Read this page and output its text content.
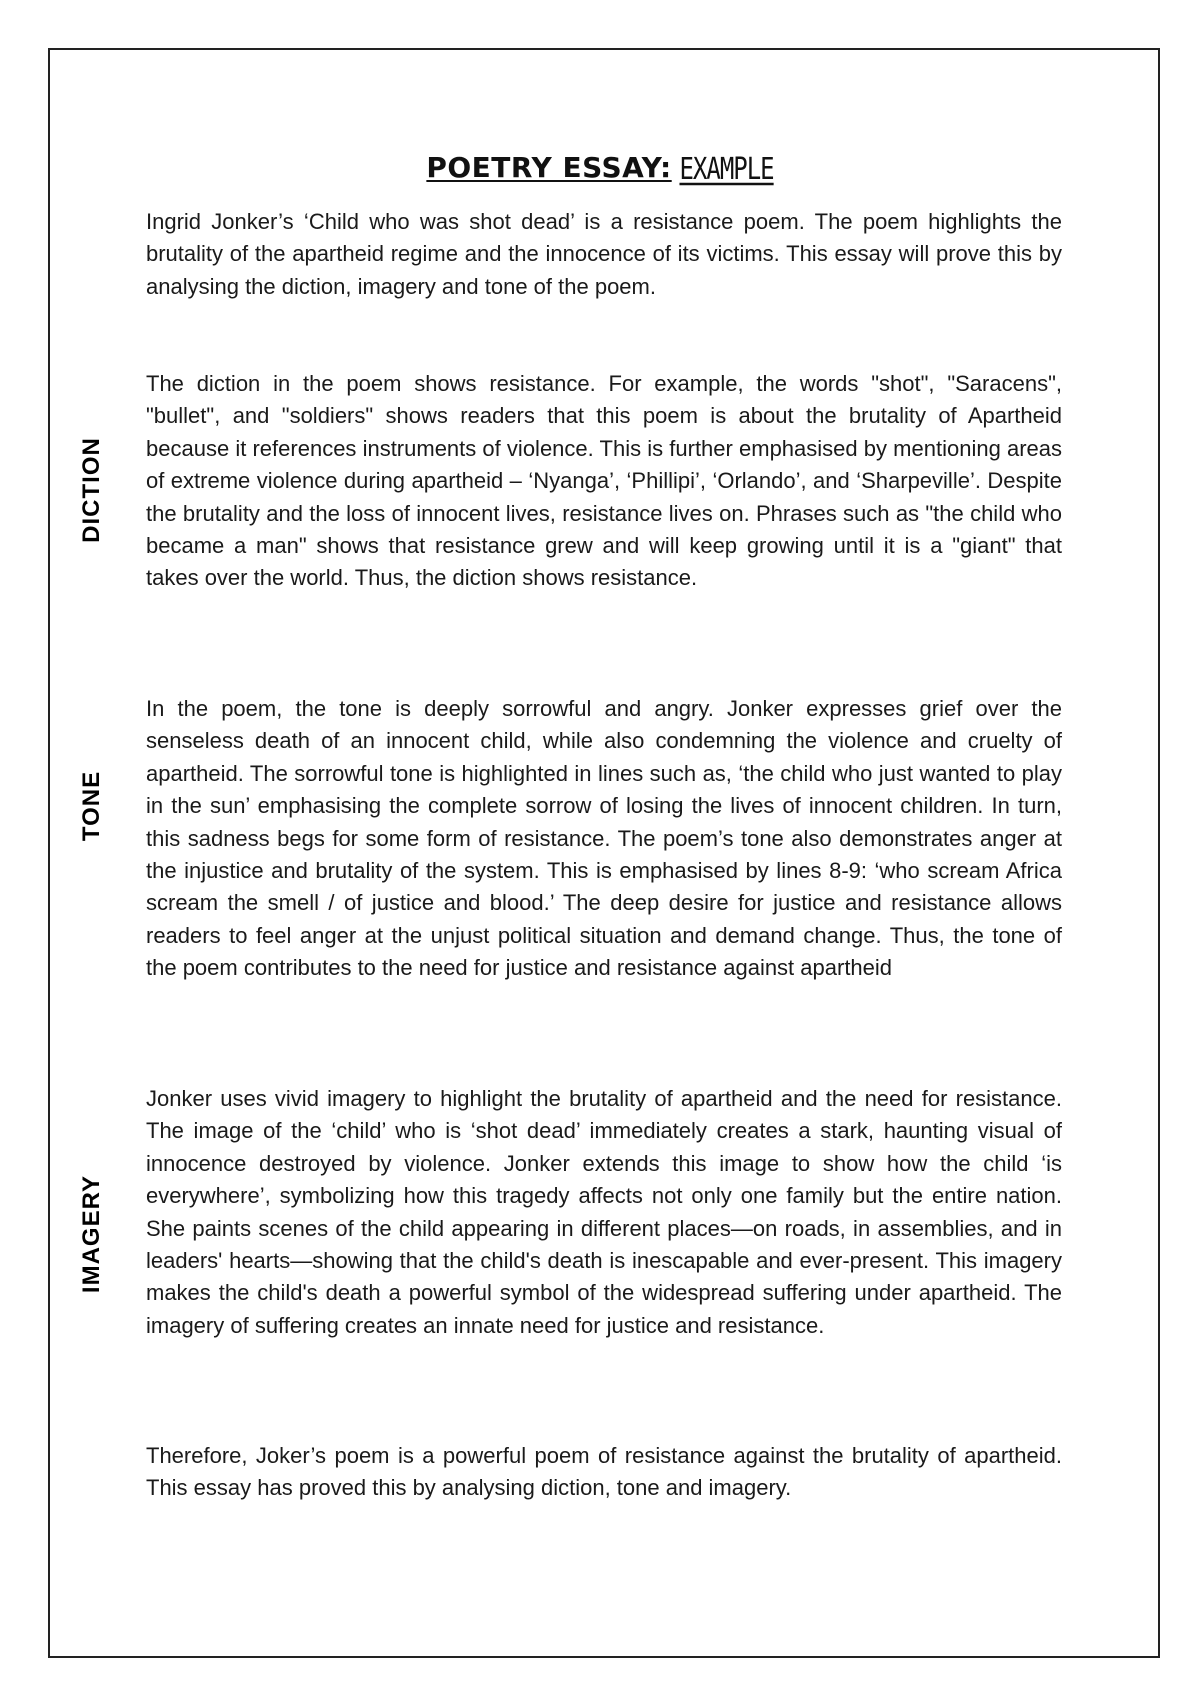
POETRY ESSAY: EXAMPLE

Ingrid Jonker’s ‘Child who was shot dead’ is a resistance poem. The poem highlights the brutality of the apartheid regime and the innocence of its victims. This essay will prove this by analysing the diction, imagery and tone of the poem.

DICTION

The diction in the poem shows resistance. For example, the words "shot", "Saracens", "bullet", and "soldiers" shows readers that this poem is about the brutality of Apartheid because it references instruments of violence. This is further emphasised by mentioning areas of extreme violence during apartheid – ‘Nyanga’, ‘Phillipi’, ‘Orlando’, and ‘Sharpeville’. Despite the brutality and the loss of innocent lives, resistance lives on. Phrases such as "the child who became a man" shows that resistance grew and will keep growing until it is a "giant" that takes over the world. Thus, the diction shows resistance.

TONE

In the poem, the tone is deeply sorrowful and angry. Jonker expresses grief over the senseless death of an innocent child, while also condemning the violence and cruelty of apartheid. The sorrowful tone is highlighted in lines such as, ‘the child who just wanted to play in the sun’ emphasising the complete sorrow of losing the lives of innocent children. In turn, this sadness begs for some form of resistance. The poem’s tone also demonstrates anger at the injustice and brutality of the system. This is emphasised by lines 8-9: ‘who scream Africa scream the smell / of justice and blood.’ The deep desire for justice and resistance allows readers to feel anger at the unjust political situation and demand change. Thus, the tone of the poem contributes to the need for justice and resistance against apartheid

IMAGERY

Jonker uses vivid imagery to highlight the brutality of apartheid and the need for resistance. The image of the ‘child’ who is ‘shot dead’ immediately creates a stark, haunting visual of innocence destroyed by violence. Jonker extends this image to show how the child ‘is everywhere’, symbolizing how this tragedy affects not only one family but the entire nation. She paints scenes of the child appearing in different places—on roads, in assemblies, and in leaders' hearts—showing that the child's death is inescapable and ever-present. This imagery makes the child's death a powerful symbol of the widespread suffering under apartheid. The imagery of suffering creates an innate need for justice and resistance.

Therefore, Joker’s poem is a powerful poem of resistance against the brutality of apartheid. This essay has proved this by analysing diction, tone and imagery.
